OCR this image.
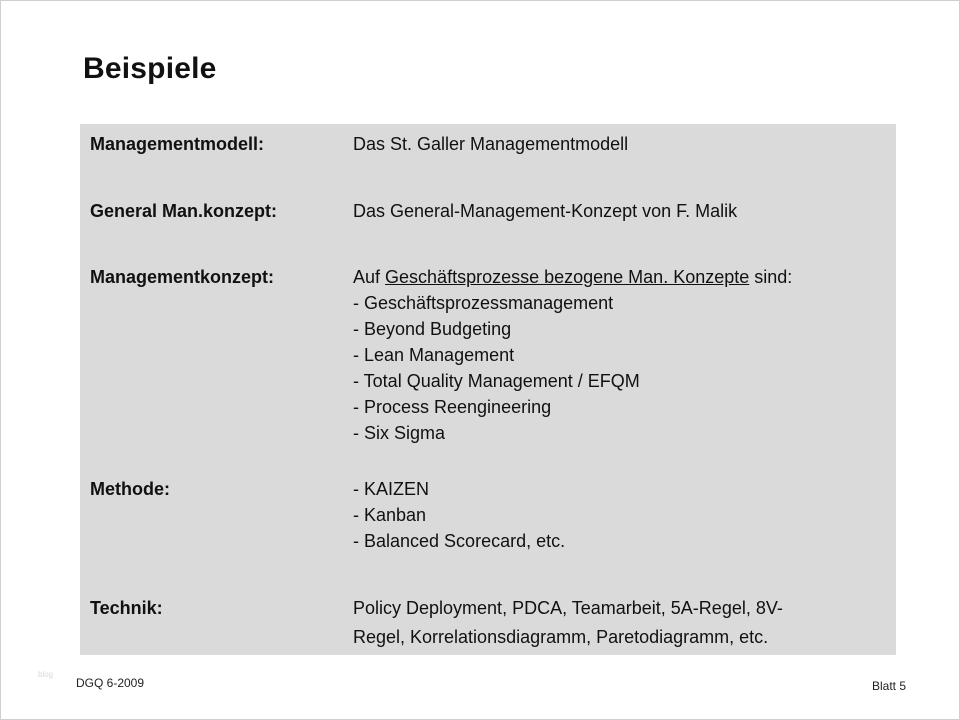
Beispiele
Managementmodell:	Das St. Galler Managementmodell
General Man.konzept:	Das General-Management-Konzept von F. Malik
Managementkonzept:	Auf Geschäftsprozesse bezogene Man. Konzepte sind:
- Geschäftsprozessmanagement
- Beyond Budgeting
- Lean Management
- Total Quality Management / EFQM
- Process Reengineering
- Six Sigma
Methode:	- KAIZEN
- Kanban
- Balanced Scorecard, etc.
Technik:	Policy Deployment, PDCA, Teamarbeit, 5A-Regel, 8V-
Regel, Korrelationsdiagramm, Paretodiagramm, etc.
blog
DGQ 6-2009	Blatt 5
